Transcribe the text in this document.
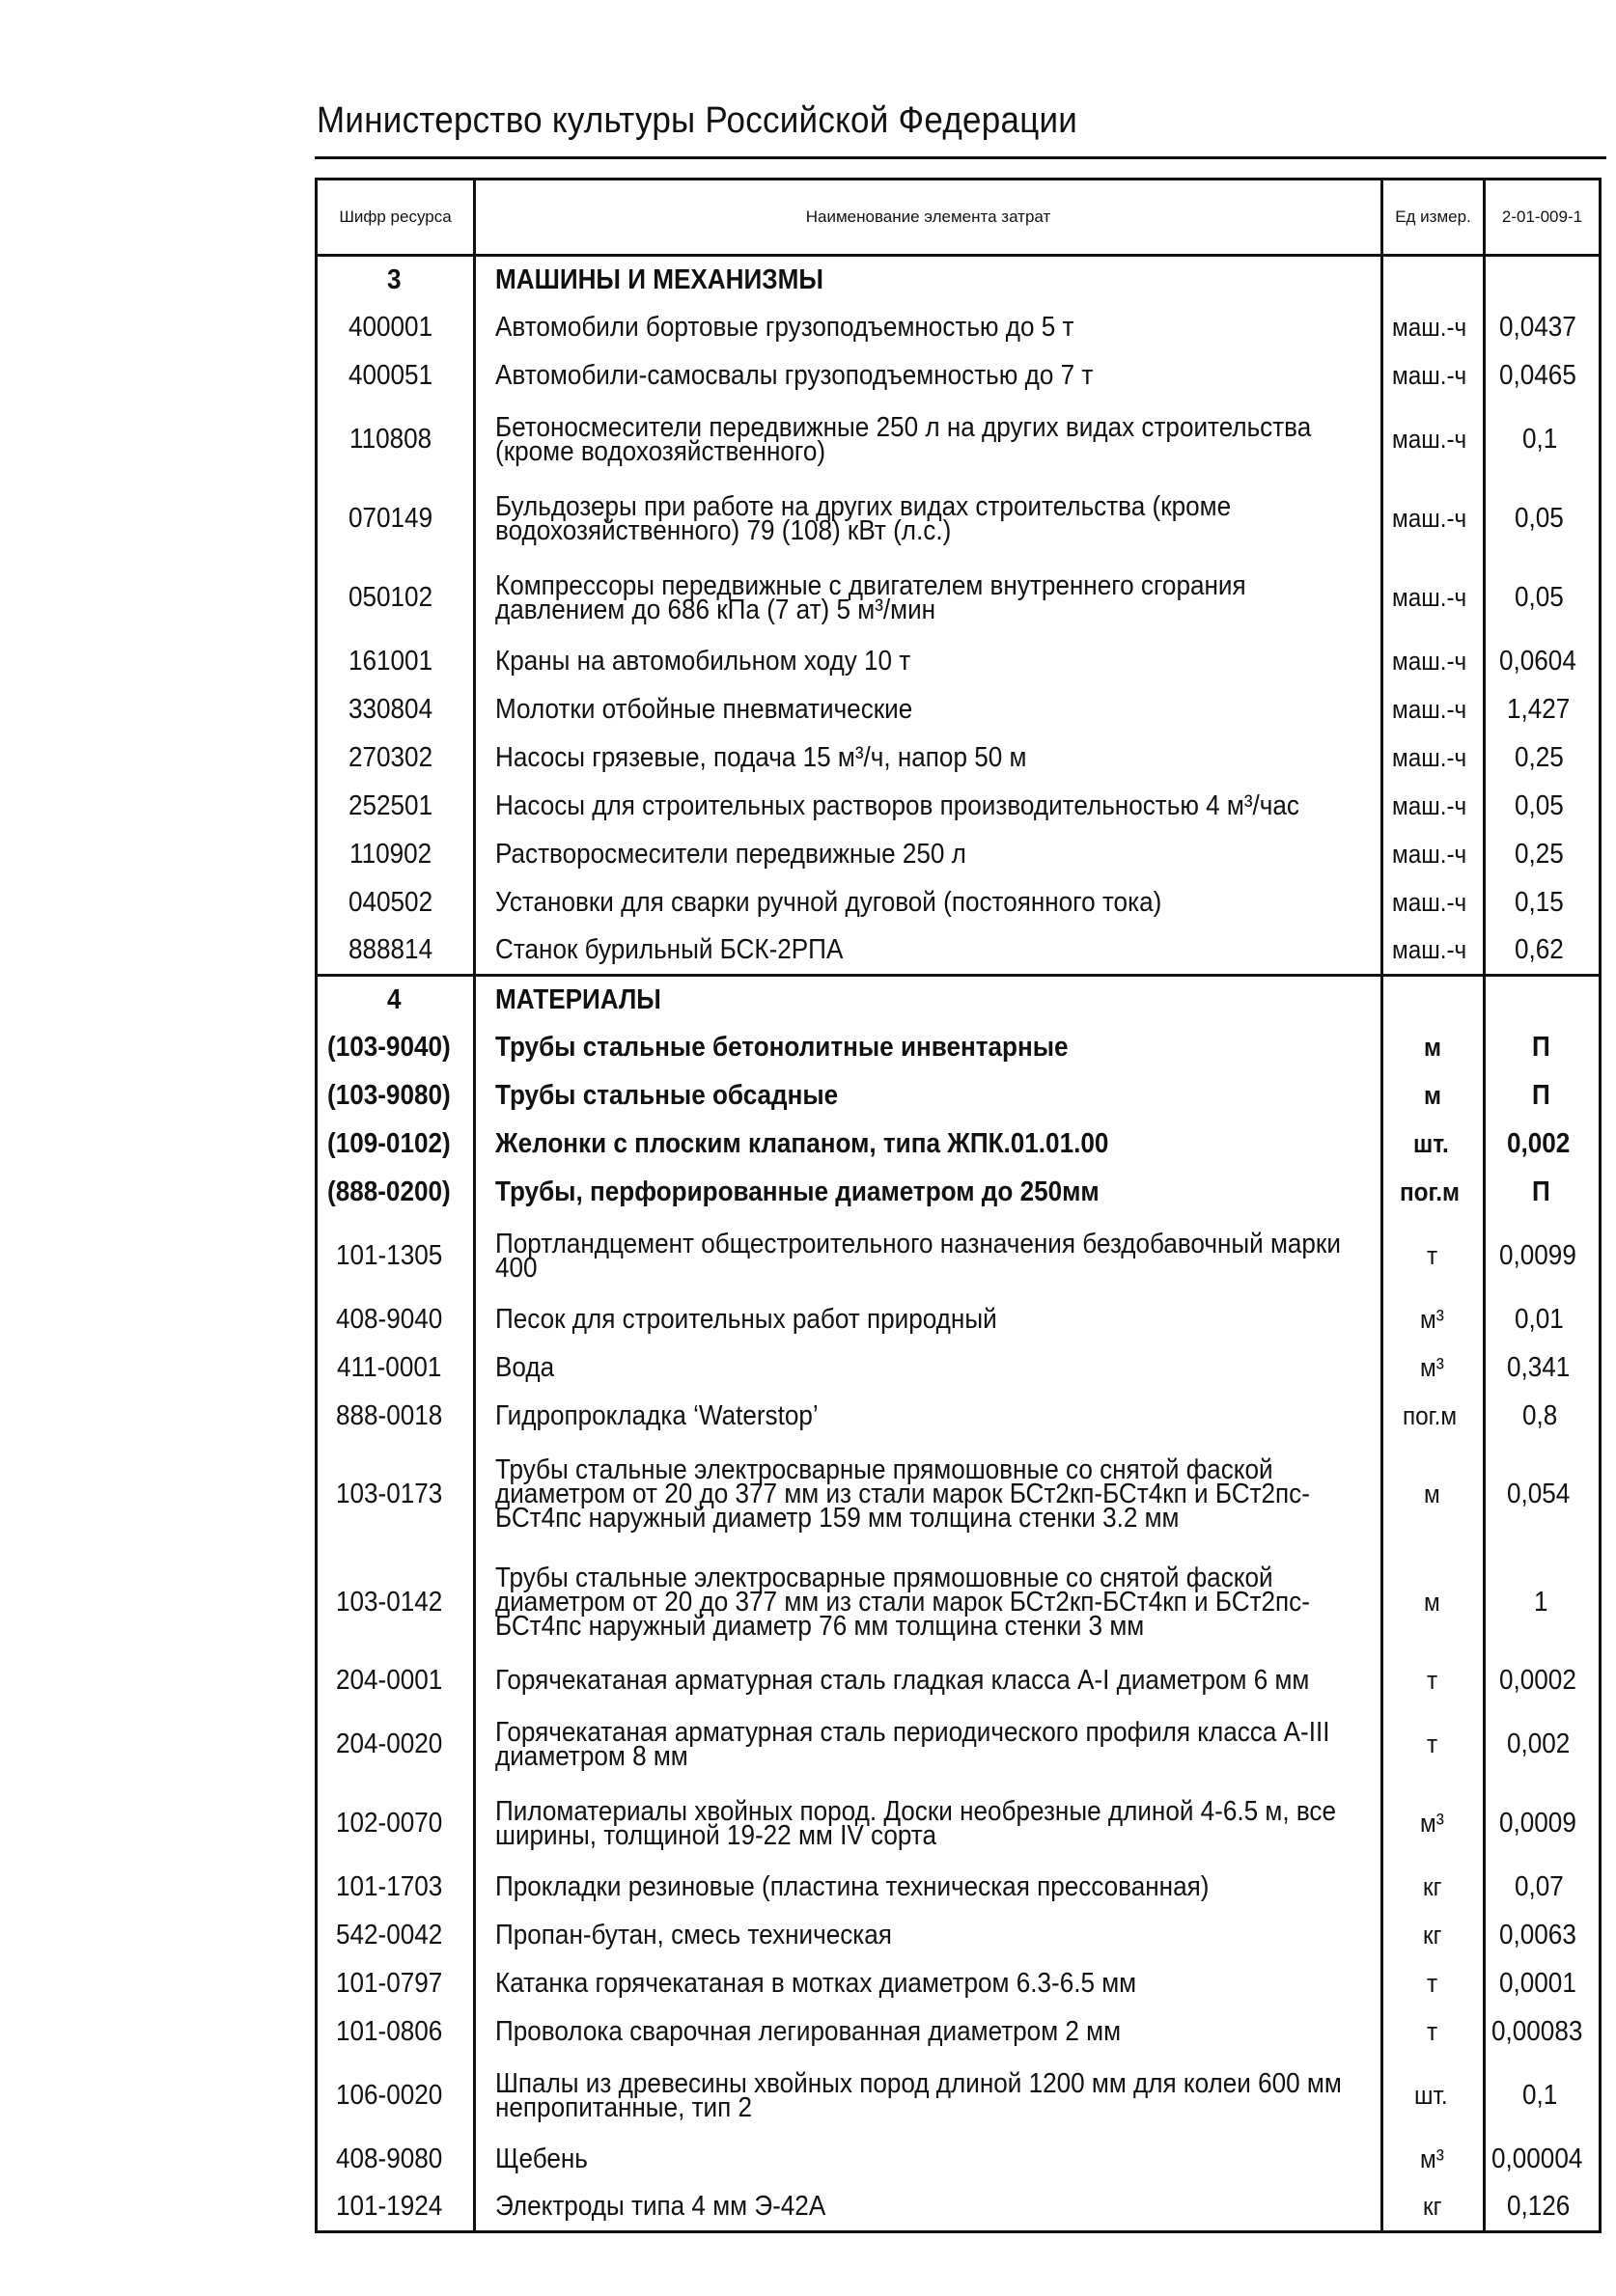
Министерство культуры Российской Федерации
Шифр ресурса	Наименование элемента затрат	Ед измер.	2-01-009-1
3	МАШИНЫ И МЕХАНИЗМЫ		
400001	Автомобили бортовые грузоподъемностью до 5 т	маш.-ч	0,0437
400051	Автомобили-самосвалы грузоподъемностью до 7 т	маш.-ч	0,0465
110808	Бетоносмесители передвижные 250 л на других видах строительства (кроме водохозяйственного)	маш.-ч	0,1
070149	Бульдозеры при работе на других видах строительства (кроме водохозяйственного) 79 (108) кВт (л.с.)	маш.-ч	0,05
050102	Компрессоры передвижные с двигателем внутреннего сгорания давлением до 686 кПа (7 ат) 5 м³/мин	маш.-ч	0,05
161001	Краны на автомобильном ходу 10 т	маш.-ч	0,0604
330804	Молотки отбойные пневматические	маш.-ч	1,427
270302	Насосы грязевые, подача 15 м³/ч, напор 50 м	маш.-ч	0,25
252501	Насосы для строительных растворов производительностью 4 м³/час	маш.-ч	0,05
110902	Растворосмесители передвижные 250 л	маш.-ч	0,25
040502	Установки для сварки ручной дуговой (постоянного тока)	маш.-ч	0,15
888814	Станок бурильный БСК-2РПА	маш.-ч	0,62
4	МАТЕРИАЛЫ		
(103-9040)	Трубы стальные бетонолитные инвентарные	м	П
(103-9080)	Трубы стальные обсадные	м	П
(109-0102)	Желонки с плоским клапаном, типа ЖПК.01.01.00	шт.	0,002
(888-0200)	Трубы, перфорированные диаметром до 250мм	пог.м	П
101-1305	Портландцемент общестроительного назначения бездобавочный марки 400	т	0,0099
408-9040	Песок для строительных работ природный	м³	0,01
411-0001	Вода	м³	0,341
888-0018	Гидропрокладка ‘Waterstop’	пог.м	0,8
103-0173	Трубы стальные электросварные прямошовные со снятой фаской диаметром от 20 до 377 мм из стали марок БСт2кп-БСт4кп и БСт2пс-БСт4пс наружный диаметр 159 мм толщина стенки 3.2 мм	м	0,054
103-0142	Трубы стальные электросварные прямошовные со снятой фаской диаметром от 20 до 377 мм из стали марок БСт2кп-БСт4кп и БСт2пс-БСт4пс наружный диаметр 76 мм толщина стенки 3 мм	м	1
204-0001	Горячекатаная арматурная сталь гладкая класса А-I диаметром 6 мм	т	0,0002
204-0020	Горячекатаная арматурная сталь периодического профиля класса А-III диаметром 8 мм	т	0,002
102-0070	Пиломатериалы хвойных пород. Доски необрезные длиной 4-6.5 м, все ширины, толщиной 19-22 мм IV сорта	м³	0,0009
101-1703	Прокладки резиновые (пластина техническая прессованная)	кг	0,07
542-0042	Пропан-бутан, смесь техническая	кг	0,0063
101-0797	Катанка горячекатаная в мотках диаметром 6.3-6.5 мм	т	0,0001
101-0806	Проволока сварочная легированная диаметром 2 мм	т	0,00083
106-0020	Шпалы из древесины хвойных пород длиной 1200 мм для колеи 600 мм непропитанные, тип 2	шт.	0,1
408-9080	Щебень	м³	0,00004
101-1924	Электроды типа 4 мм Э-42А	кг	0,126
